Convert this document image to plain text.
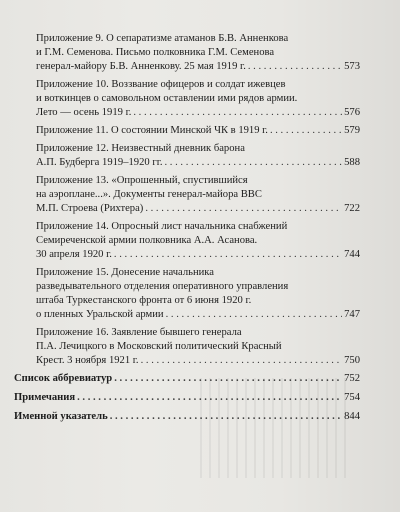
Приложение 9. О сепаратизме атаманов Б.В. Анненкова
и Г.М. Семенова. Письмо полковника Г.М. Семенова
генерал-майору Б.В. Анненкову. 25 мая 1919 г. . . .	573
Приложение 10. Воззвание офицеров и солдат ижевцев
и воткинцев о самовольном оставлении ими рядов армии.
Лето — осень 1919 г. . . .	576
Приложение 11. О состоянии Минской ЧК в 1919 г. . . .	579
Приложение 12. Неизвестный дневник барона
А.П. Будберга 1919–1920 гг. . . .	588
Приложение 13. «Опрошенный, спустившийся
на аэроплане...». Документы генерал-майора ВВС
М.П. Строева (Рихтера) . . .	722
Приложение 14. Опросный лист начальника снабжений
Семиреченской армии полковника А.А. Асанова.
30 апреля 1920 г. . . .	744
Приложение 15. Донесение начальника
разведывательного отделения оперативного управления
штаба Туркестанского фронта от 6 июня 1920 г.
о пленных Уральской армии . . .	747
Приложение 16. Заявление бывшего генерала
П.А. Лечицкого в Московский политический Красный
Крест. 3 ноября 1921 г. . . .	750
Список аббревиатур . . .	752
Примечания . . .	754
Именной указатель . . .	844
